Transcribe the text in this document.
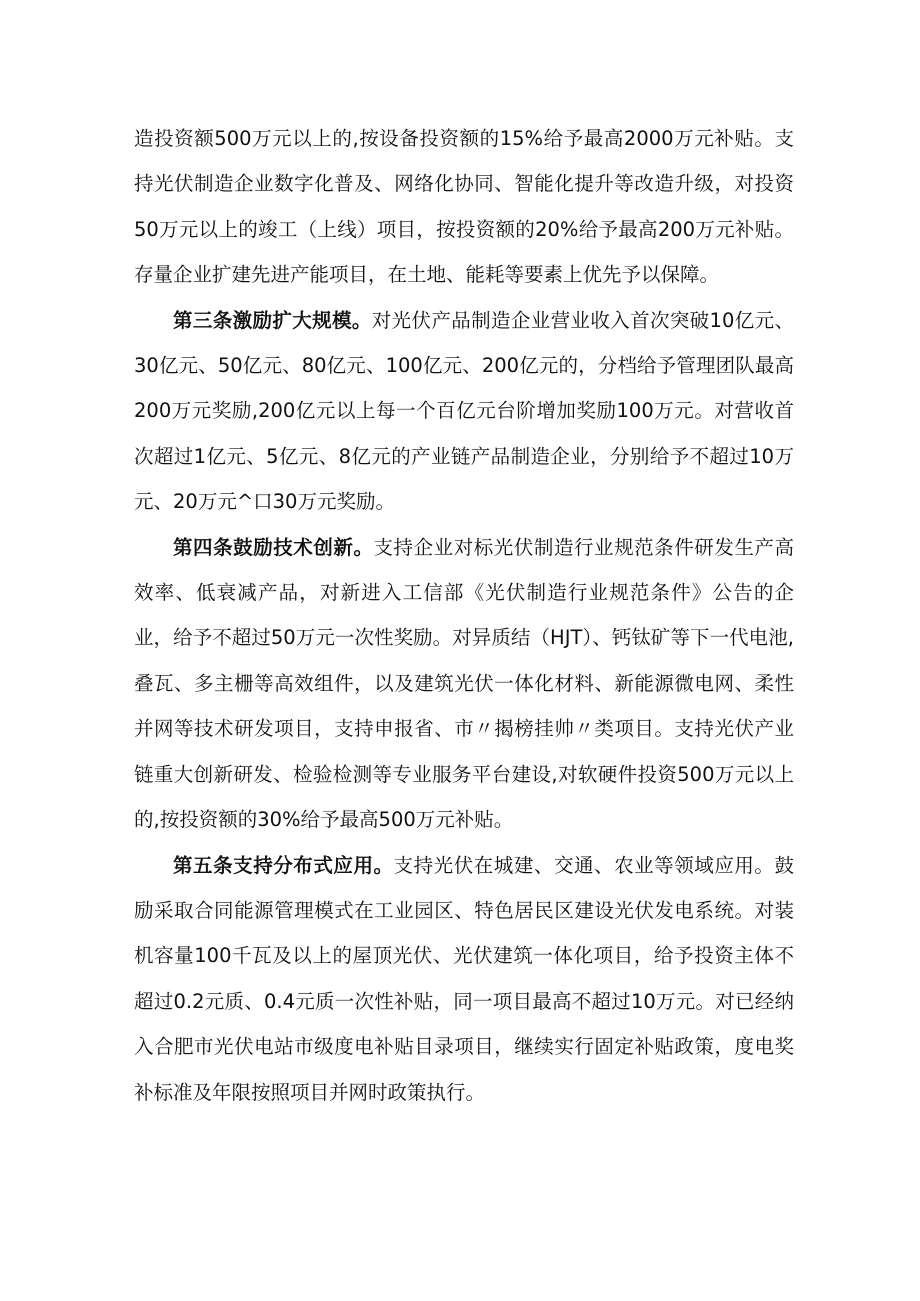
造投资额500万元以上的,按设备投资额的15%给予最高2000万元补贴。支持光伏制造企业数字化普及、网络化协同、智能化提升等改造升级，对投资50万元以上的竣工（上线）项目，按投资额的20%给予最高200万元补贴。存量企业扩建先进产能项目，在土地、能耗等要素上优先予以保障。

第三条激励扩大规模。对光伏产品制造企业营业收入首次突破10亿元、30亿元、50亿元、80亿元、100亿元、200亿元的，分档给予管理团队最高200万元奖励,200亿元以上每一个百亿元台阶增加奖励100万元。对营收首次超过1亿元、5亿元、8亿元的产业链产品制造企业，分别给予不超过10万元、20万元^口30万元奖励。

第四条鼓励技术创新。支持企业对标光伏制造行业规范条件研发生产高效率、低衰减产品，对新进入工信部《光伏制造行业规范条件》公告的企业，给予不超过50万元一次性奖励。对异质结（HJT）、钙钛矿等下一代电池,叠瓦、多主栅等高效组件，以及建筑光伏一体化材料、新能源微电网、柔性并网等技术研发项目，支持申报省、市〃揭榜挂帅〃类项目。支持光伏产业链重大创新研发、检验检测等专业服务平台建设,对软硬件投资500万元以上的,按投资额的30%给予最高500万元补贴。

第五条支持分布式应用。支持光伏在城建、交通、农业等领域应用。鼓励采取合同能源管理模式在工业园区、特色居民区建设光伏发电系统。对装机容量100千瓦及以上的屋顶光伏、光伏建筑一体化项目，给予投资主体不超过0.2元质、0.4元质一次性补贴，同一项目最高不超过10万元。对已经纳入合肥市光伏电站市级度电补贴目录项目，继续实行固定补贴政策，度电奖补标准及年限按照项目并网时政策执行。
